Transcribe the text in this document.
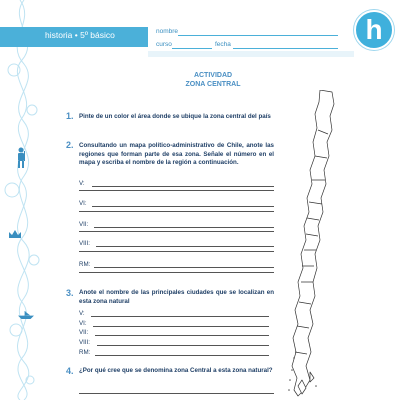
historia • 5º básico	nombre
curso	fecha	h
ACTIVIDAD
ZONA CENTRAL
1. Pinte de un color el área donde se ubique la zona central del país
2. Consultando un mapa político-administrativo de Chile, anote las regiones que forman parte de esa zona. Señale el número en el mapa y escriba el nombre de la región a continuación.
V:
VI:
VII:
VIII:
RM:
3. Anote el nombre de las principales ciudades que se localizan en esta zona natural
V:
VI:
VII:
VIII:
RM:
4. ¿Por qué cree que se denomina zona Central a esta zona natural?
